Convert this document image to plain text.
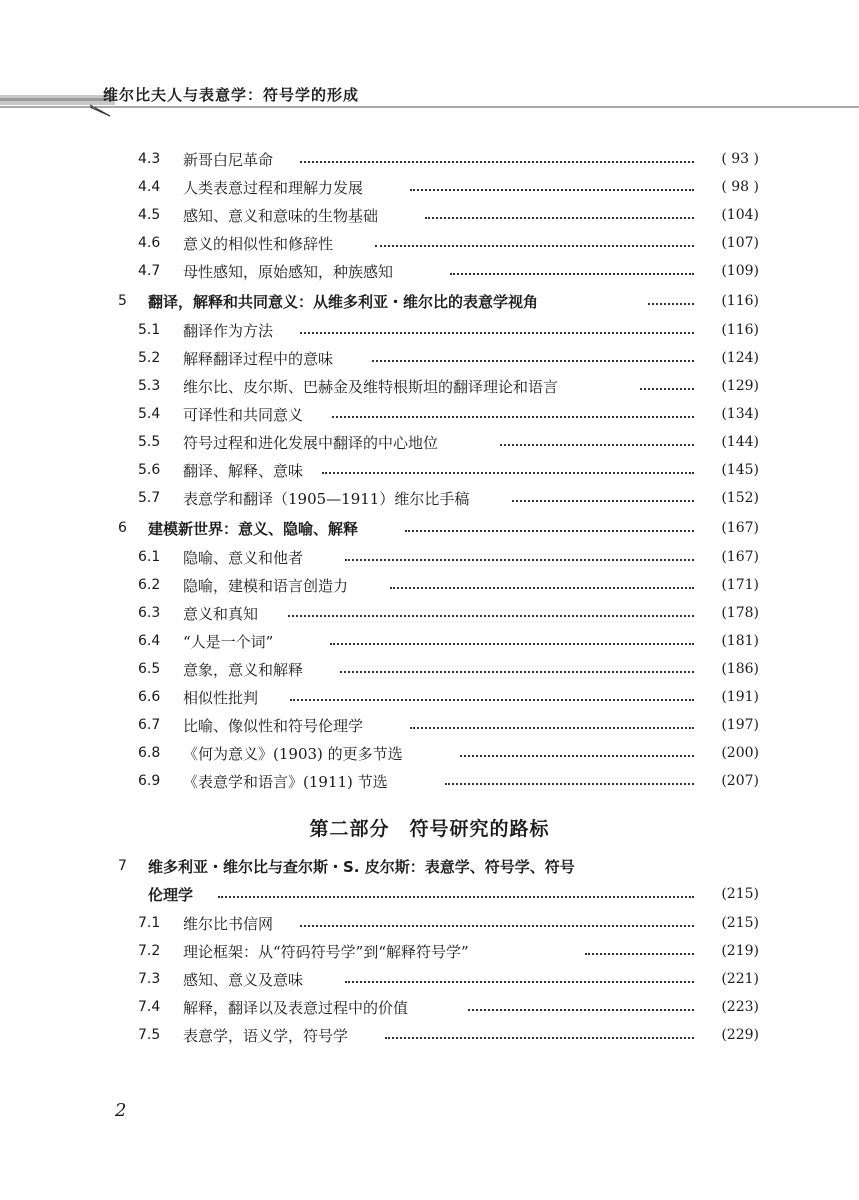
维尔比夫人与表意学：符号学的形成
4.3	新哥白尼革命	( 93 )
4.4	人类表意过程和理解力发展	( 98 )
4.5	感知、意义和意味的生物基础	(104)
4.6	意义的相似性和修辞性	(107)
4.7	母性感知，原始感知，种族感知	(109)
5	翻译，解释和共同意义：从维多利亚・维尔比的表意学视角	(116)
5.1	翻译作为方法	(116)
5.2	解释翻译过程中的意味	(124)
5.3	维尔比、皮尔斯、巴赫金及维特根斯坦的翻译理论和语言	(129)
5.4	可译性和共同意义	(134)
5.5	符号过程和进化发展中翻译的中心地位	(144)
5.6	翻译、解释、意味	(145)
5.7	表意学和翻译（1905—1911）维尔比手稿	(152)
6	建模新世界：意义、隐喻、解释	(167)
6.1	隐喻、意义和他者	(167)
6.2	隐喻，建模和语言创造力	(171)
6.3	意义和真知	(178)
6.4	“人是一个词”	(181)
6.5	意象，意义和解释	(186)
6.6	相似性批判	(191)
6.7	比喻、像似性和符号伦理学	(197)
6.8	《何为意义》(1903) 的更多节选	(200)
6.9	《表意学和语言》(1911) 节选	(207)
第二部分　符号研究的路标
7	维多利亚・维尔比与查尔斯・S. 皮尔斯：表意学、符号学、符号
伦理学	(215)
7.1	维尔比书信网	(215)
7.2	理论框架：从“符码符号学”到“解释符号学”	(219)
7.3	感知、意义及意味	(221)
7.4	解释，翻译以及表意过程中的价值	(223)
7.5	表意学，语义学，符号学	(229)
2
